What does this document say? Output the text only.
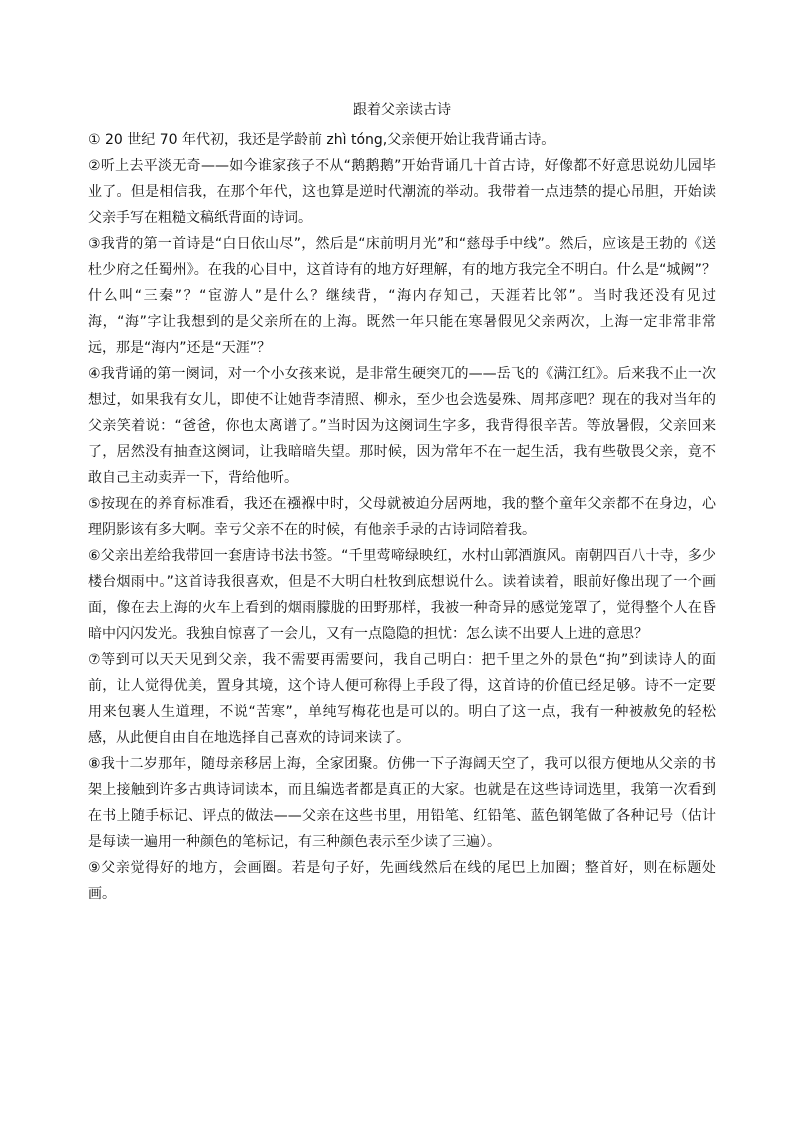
跟着父亲读古诗

① 20 世纪 70 年代初，我还是学龄前 zhì tóng,父亲便开始让我背诵古诗。

②听上去平淡无奇——如今谁家孩子不从“鹅鹅鹅”开始背诵几十首古诗，好像都不好意思说幼儿园毕业了。但是相信我，在那个年代，这也算是逆时代潮流的举动。我带着一点违禁的提心吊胆，开始读父亲手写在粗糙文稿纸背面的诗词。

③我背的第一首诗是“白日依山尽”，然后是“床前明月光”和“慈母手中线”。然后，应该是王勃的《送杜少府之任蜀州》。在我的心目中，这首诗有的地方好理解，有的地方我完全不明白。什么是“城阙”？什么叫“三秦”？“宦游人”是什么？继续背，“海内存知己，天涯若比邻”。当时我还没有见过海，“海”字让我想到的是父亲所在的上海。既然一年只能在寒暑假见父亲两次，上海一定非常非常远，那是“海内”还是“天涯”？

④我背诵的第一阕词，对一个小女孩来说，是非常生硬突兀的——岳飞的《满江红》。后来我不止一次想过，如果我有女儿，即使不让她背李清照、柳永，至少也会选晏殊、周邦彦吧？现在的我对当年的父亲笑着说：“爸爸，你也太离谱了。”当时因为这阕词生字多，我背得很辛苦。等放暑假，父亲回来了，居然没有抽查这阕词，让我暗暗失望。那时候，因为常年不在一起生活，我有些敬畏父亲，竟不敢自己主动卖弄一下，背给他听。

⑤按现在的养育标准看，我还在襁褓中时，父母就被迫分居两地，我的整个童年父亲都不在身边，心理阴影该有多大啊。幸亏父亲不在的时候，有他亲手录的古诗词陪着我。

⑥父亲出差给我带回一套唐诗书法书签。“千里莺啼绿映红，水村山郭酒旗风。南朝四百八十寺，多少楼台烟雨中。”这首诗我很喜欢，但是不大明白杜牧到底想说什么。读着读着，眼前好像出现了一个画面，像在去上海的火车上看到的烟雨朦胧的田野那样，我被一种奇异的感觉笼罩了，觉得整个人在昏暗中闪闪发光。我独自惊喜了一会儿，又有一点隐隐的担忧：怎么读不出要人上进的意思？

⑦等到可以天天见到父亲，我不需要再需要问，我自己明白：把千里之外的景色“拘”到读诗人的面前，让人觉得优美，置身其境，这个诗人便可称得上手段了得，这首诗的价值已经足够。诗不一定要用来包裹人生道理，不说“苦寒”，单纯写梅花也是可以的。明白了这一点，我有一种被赦免的轻松感，从此便自由自在地选择自己喜欢的诗词来读了。

⑧我十二岁那年，随母亲移居上海，全家团聚。仿佛一下子海阔天空了，我可以很方便地从父亲的书架上接触到许多古典诗词读本，而且编选者都是真正的大家。也就是在这些诗词选里，我第一次看到在书上随手标记、评点的做法——父亲在这些书里，用铅笔、红铅笔、蓝色钢笔做了各种记号（估计是每读一遍用一种颜色的笔标记，有三种颜色表示至少读了三遍）。

⑨父亲觉得好的地方，会画圈。若是句子好，先画线然后在线的尾巴上加圈；整首好，则在标题处画。
